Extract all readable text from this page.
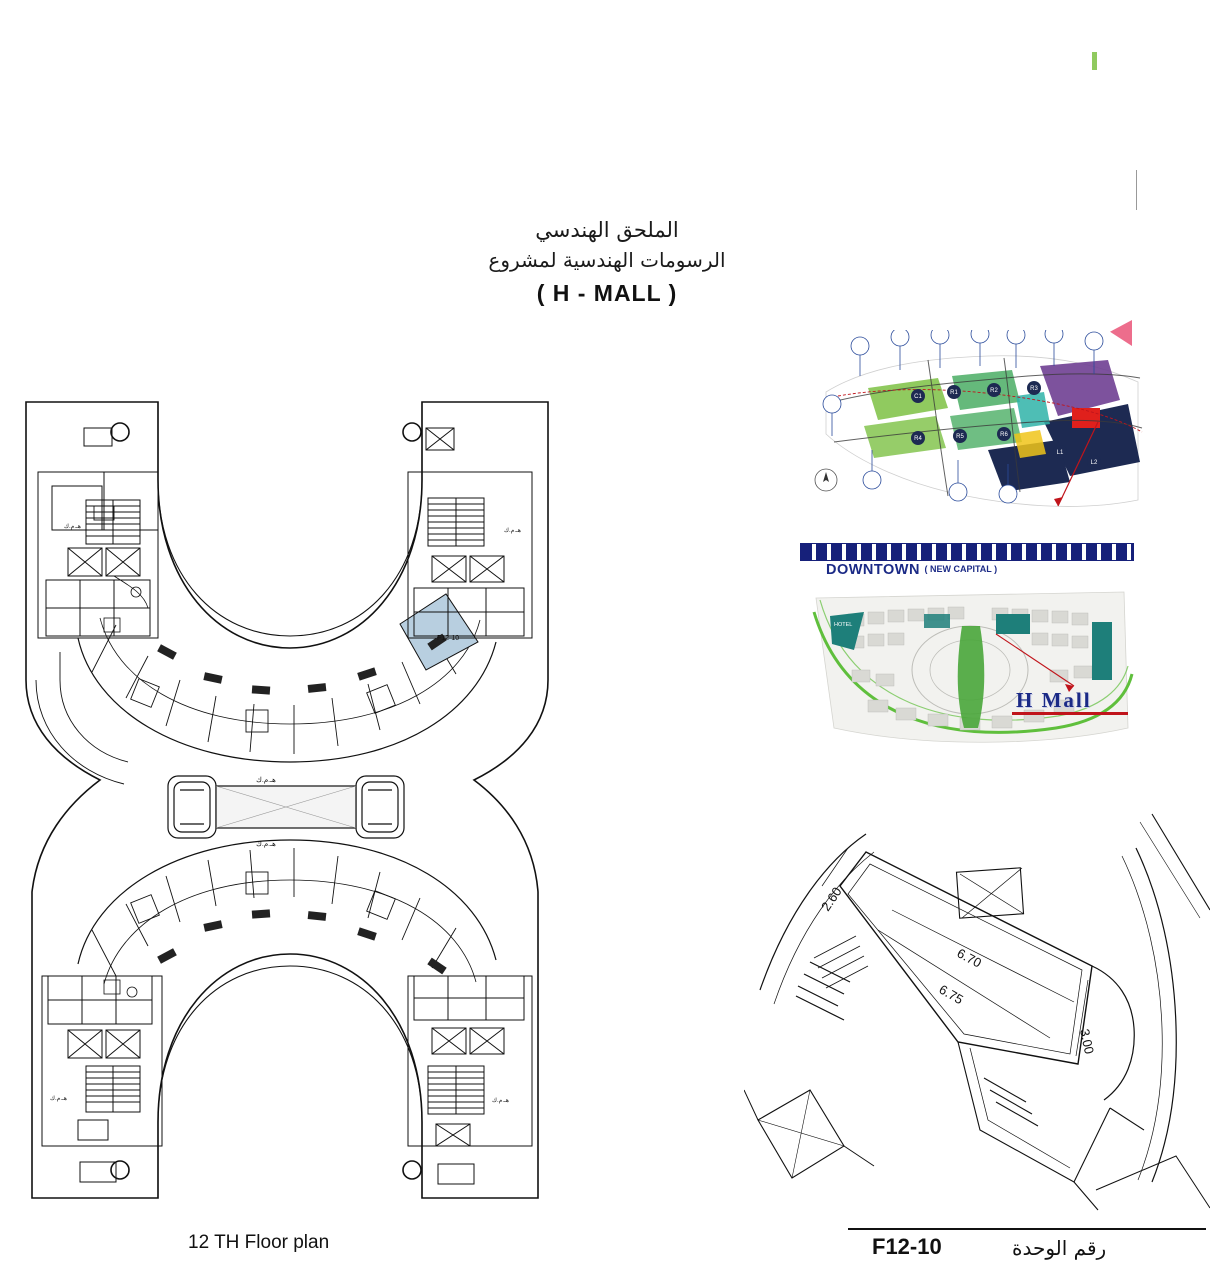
الملحق الهندسي
الرسومات الهندسية لمشروع
( H - MALL )
هـ.م.ك
هـ.م.ك
هـ.م.ك
هـ.م.ك
هـ.م.ك	هـ.م.ك
F12-10
12 TH Floor plan
C1
R1	R2	R3
R4	R5	R6
L1
L2
DOWNTOWN $^{( NEW CAPITAL )}$
HOTEL
H Mall
2.60
6.70
6.75
3.00
F12-10	رقم الوحدة
